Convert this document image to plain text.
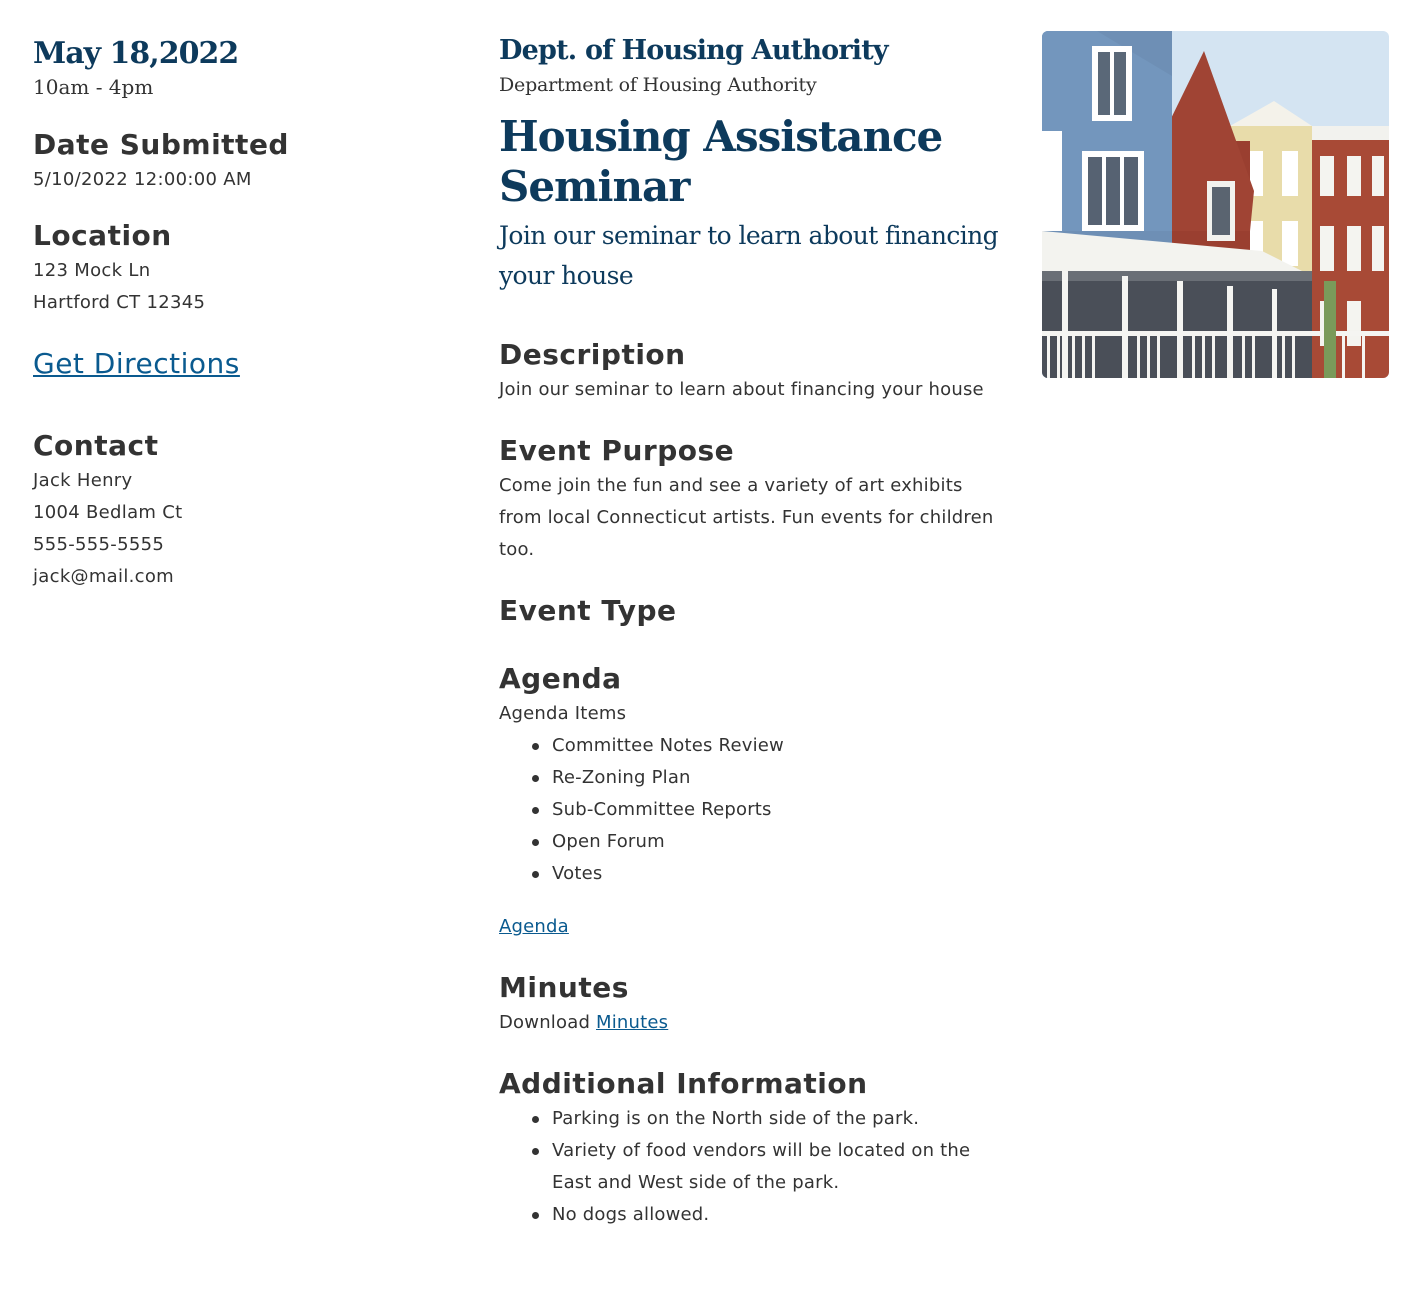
May 18,2022
10am - 4pm
Date Submitted
5/10/2022 12:00:00 AM
Location
123 Mock Ln
Hartford CT 12345
Get Directions
Contact
Jack Henry
1004 Bedlam Ct
555-555-5555
jack@mail.com
Dept. of Housing Authority
Department of Housing Authority
Housing Assistance Seminar
Join our seminar to learn about financing your house
Description
Join our seminar to learn about financing your house
Event Purpose
Come join the fun and see a variety of art exhibits from local Connecticut artists. Fun events for children too.
Event Type
Agenda
Agenda Items
Committee Notes Review
Re-Zoning Plan
Sub-Committee Reports
Open Forum
Votes
Agenda
Minutes
Download Minutes
Additional Information
Parking is on the North side of the park.
Variety of food vendors will be located on the East and West side of the park.
No dogs allowed.
